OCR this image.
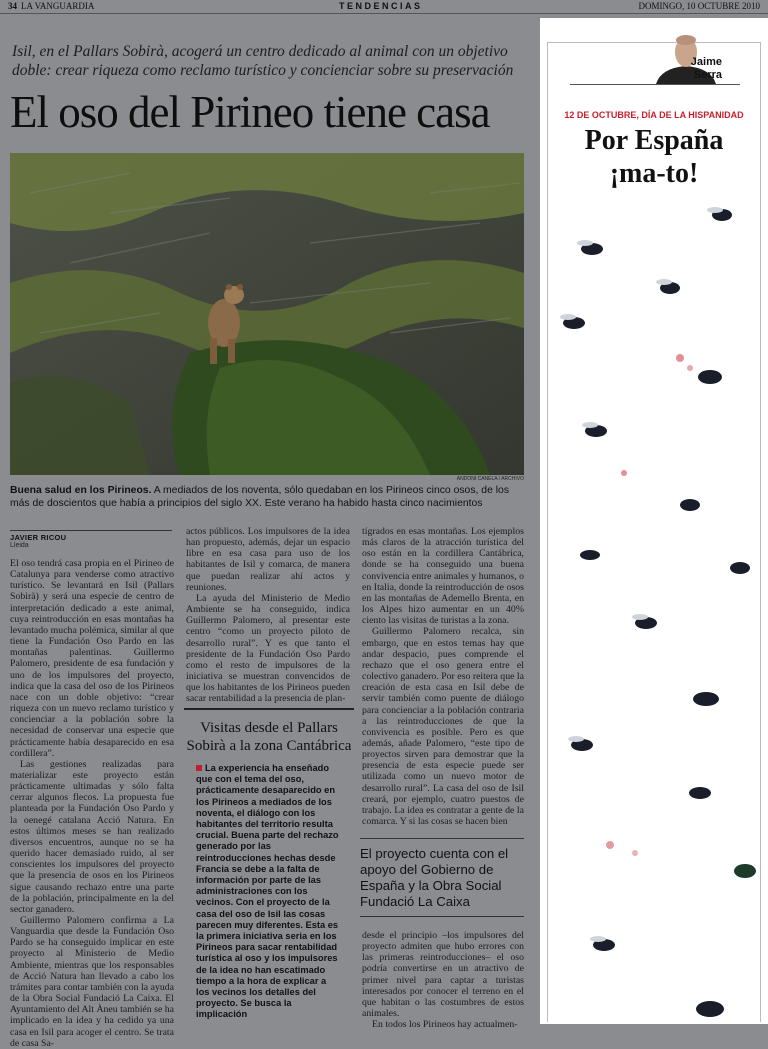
34 LA VANGUARDIA	TENDENCIAS	DOMINGO, 10 OCTUBRE 2010
Isil, en el Pallars Sobirà, acogerá un centro dedicado al animal con un objetivo doble: crear riqueza como reclamo turístico y concienciar sobre su preservación
El oso del Pirineo tiene casa
ANDONI CANELA / ARCHIVO
Buena salud en los Pirineos. A mediados de los noventa, sólo quedaban en los Pirineos cinco osos, de los más de doscientos que había a principios del siglo XX. Este verano ha habido hasta cinco nacimientos
JAVIER RICOU
Lleida

El oso tendrá casa propia en el Pirineo de Catalunya para venderse como atractivo turístico. Se levantará en Isil (Pallars Sobirà) y será una especie de centro de interpretación dedicado a este animal, cuya reintroducción en esas montañas ha levantado mucha polémica, similar al que tiene la Fundación Oso Pardo en las montañas palentinas. Guillermo Palomero, presidente de esa fundación y uno de los impulsores del proyecto, indica que la casa del oso de los Pirineos nace con un doble objetivo: “crear riqueza con un nuevo reclamo turístico y concienciar a la población sobre la necesidad de conservar una especie que prácticamente había desaparecido en esa cordillera”.

Las gestiones realizadas para materializar este proyecto están prácticamente ultimadas y sólo falta cerrar algunos flecos. La propuesta fue planteada por la Fundación Oso Pardo y la oenegé catalana Acció Natura. En estos últimos meses se han realizado diversos encuentros, aunque no se ha querido hacer demasiado ruido, al ser conscientes los impulsores del proyecto que la presencia de osos en los Pirineos sigue causando rechazo entre una parte de la población, principalmente en la del sector ganadero.

Guillermo Palomero confirma a La Vanguardia que desde la Fundación Oso Pardo se ha conseguido implicar en este proyecto al Ministerio de Medio Ambiente, mientras que los responsables de Acció Natura han llevado a cabo los trámites para contar también con la ayuda de la Obra Social Fundació La Caixa. El Ayuntamiento del Alt Àneu también se ha implicado en la idea y ha cedido ya una casa en Isil para acoger el centro. Se trata de casa Sa-

actos públicos. Los impulsores de la idea han propuesto, además, dejar un espacio libre en esa casa para uso de los habitantes de Isil y comarca, de manera que puedan realizar ahí actos y reuniones.

La ayuda del Ministerio de Medio Ambiente se ha conseguido, indica Guillermo Palomero, al presentar este centro “como un proyecto piloto de desarrollo rural”. Y es que tanto el presidente de la Fundación Oso Pardo como el resto de impulsores de la iniciativa se muestran convencidos de que los habitantes de los Pirineos pueden sacar rentabilidad a la presencia de plan-

tígrados en esas montañas. Los ejemplos más claros de la atracción turística del oso están en la cordillera Cantábrica, donde se ha conseguido una buena convivencia entre animales y humanos, o en Italia, donde la reintroducción de osos en las montañas de Ademello Brenta, en los Alpes hizo aumentar en un 40% ciento las visitas de turistas a la zona.

Guillermo Palomero recalca, sin embargo, que en estos temas hay que andar despacio, pues comprende el rechazo que el oso genera entre el colectivo ganadero. Por eso reitera que la creación de esta casa en Isil debe de servir también como puente de diálogo para concienciar a la población contraria a las reintroducciones de que la convivencia es posible. Pero es que además, añade Palomero, “este tipo de proyectos sirven para demostrar que la presencia de esta especie puede ser utilizada como un nuevo motor de desarrollo rural”. La casa del oso de Isil creará, por ejemplo, cuatro puestos de trabajo. La idea es contratar a gente de la comarca. Y si las cosas se hacen bien

Visitas desde el Pallars Sobirà a la zona Cantábrica
La experiencia ha enseñado que con el tema del oso, prácticamente desaparecido en los Pirineos a mediados de los noventa, el diálogo con los habitantes del territorio resulta crucial. Buena parte del rechazo generado por las reintroducciones hechas desde Francia se debe a la falta de información por parte de las administraciones con los vecinos. Con el proyecto de la casa del oso de Isil las cosas parecen muy diferentes. Esta es la primera iniciativa seria en los Pirineos para sacar rentabilidad turística al oso y los impulsores de la idea no han escatimado tiempo a la hora de explicar a los vecinos los detalles del proyecto. Se busca la implicación
El proyecto cuenta con el apoyo del Gobierno de España y la Obra Social Fundació La Caixa

desde el principio –los impulsores del proyecto admiten que hubo errores con las primeras reintroducciones– el oso podría convertirse en un atractivo de primer nivel para captar a turistas interesados por conocer el terreno en el que habitan o las costumbres de estos animales.

En todos los Pirineos hay actualmen-

Jaime
Serra
12 DE OCTUBRE, DÍA DE LA HISPANIDAD
Por España
¡ma-to!
